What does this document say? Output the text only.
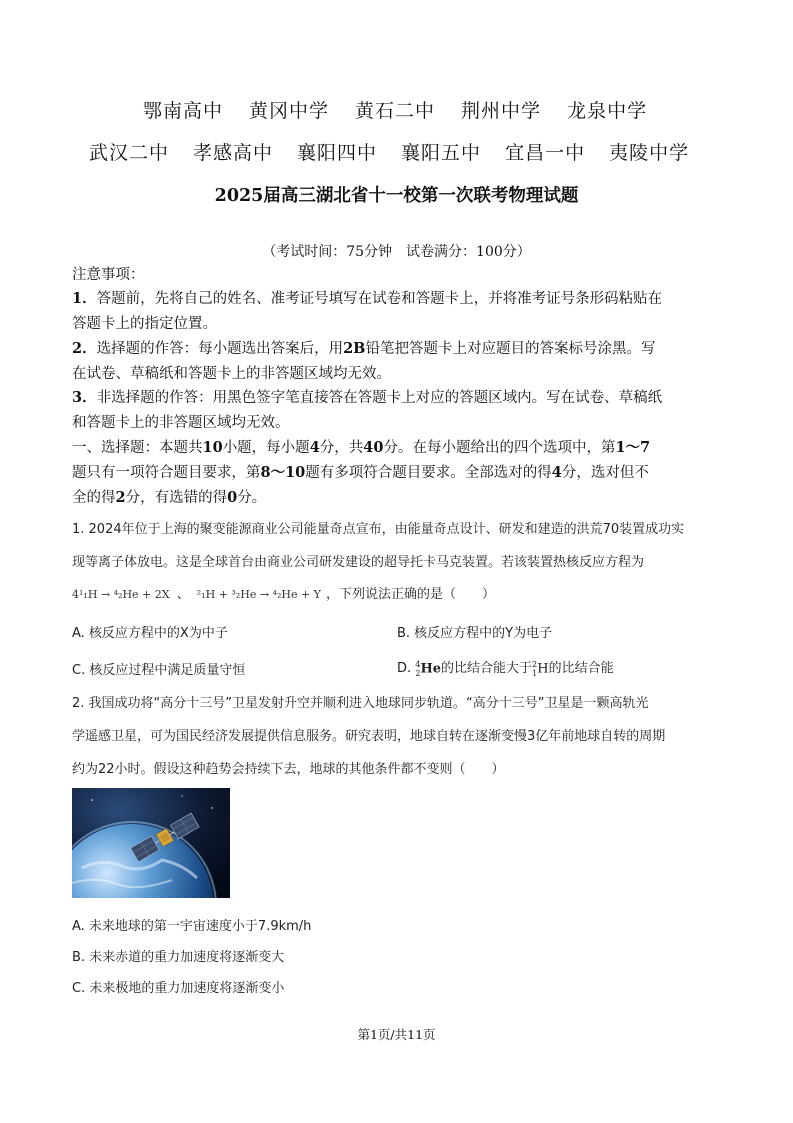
鄂南高中 黄冈中学 黄石二中 荆州中学 龙泉中学
武汉二中 孝感高中 襄阳四中 襄阳五中 宜昌一中 夷陵中学
2025届高三湖北省十一校第一次联考物理试题
（考试时间：75分钟　试卷满分：100分）
注意事项：
1．答题前，先将自己的姓名、准考证号填写在试卷和答题卡上，并将准考证号条形码粘贴在
答题卡上的指定位置。
2．选择题的作答：每小题选出答案后，用2B铅笔把答题卡上对应题目的答案标号涂黑。写
在试卷、草稿纸和答题卡上的非答题区域均无效。
3．非选择题的作答：用黑色签字笔直接答在答题卡上对应的答题区域内。写在试卷、草稿纸
和答题卡上的非答题区域均无效。
一、选择题：本题共10小题，每小题4分，共40分。在每小题给出的四个选项中，第1～7
题只有一项符合题目要求，第8～10题有多项符合题目要求。全部选对的得4分，选对但不
全的得2分，有选错的得0分。
1. 2024年位于上海的聚变能源商业公司能量奇点宣布，由能量奇点设计、研发和建造的洪荒70装置成功实
现等离子体放电。这是全球首台由商业公司研发建设的超导托卡马克装置。若该装置热核反应方程为
4¹₁H → ⁴₂He + 2X 、 ²₁H + ³₂He → ⁴₂He + Y ，下列说法正确的是（　　）
A. 核反应方程中的X为中子	B. 核反应方程中的Y为电子
C. 核反应过程中满足质量守恒	D. $^4_2$He的比结合能大于$^2_1$H的比结合能
2. 我国成功将“高分十三号”卫星发射升空并顺利进入地球同步轨道。“高分十三号”卫星是一颗高轨光
学遥感卫星，可为国民经济发展提供信息服务。研究表明，地球自转在逐渐变慢3亿年前地球自转的周期
约为22小时。假设这种趋势会持续下去，地球的其他条件都不变则（　　）
A. 未来地球的第一宇宙速度小于7.9km/h
B. 未来赤道的重力加速度将逐渐变大
C. 未来极地的重力加速度将逐渐变小
第1页/共11页
